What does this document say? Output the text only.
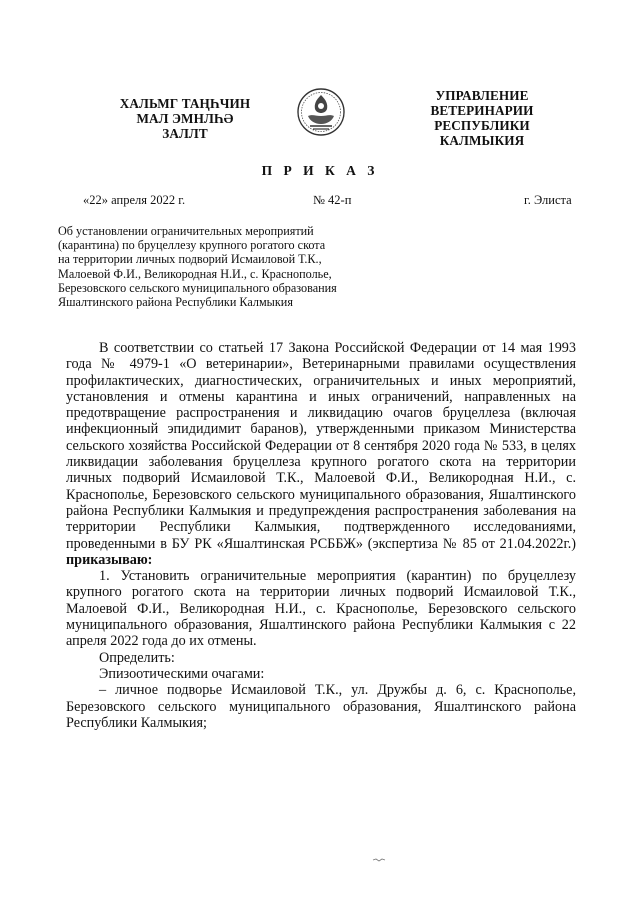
ХАЛЬМГ ТАҢҺЧИН
МАЛ ЭМНЛҺӘ
ЗАЛЛТ
УПРАВЛЕНИЕ
ВЕТЕРИНАРИИ
РЕСПУБЛИКИ КАЛМЫКИЯ
П Р И К А З
«22» апреля 2022 г.	№ 42-п	г. Элиста
Об установлении ограничительных мероприятий
(карантина) по бруцеллезу крупного рогатого скота
на территории личных подворий Исмаиловой Т.К.,
Малоевой Ф.И., Великородная Н.И., с. Краснополье,
Березовского сельского муниципального образования
Яшалтинского района Республики Калмыкия
В соответствии со статьей 17 Закона Российской Федерации от 14 мая 1993
года № 4979-1 «О ветеринарии», Ветеринарными правилами осуществления
профилактических, диагностических, ограничительных и иных мероприятий,
установления и отмены карантина и иных ограничений, направленных на
предотвращение распространения и ликвидацию очагов бруцеллеза (включая
инфекционный эпидидимит баранов), утвержденными приказом Министерства
сельского хозяйства Российской Федерации от 8 сентября 2020 года № 533, в целях
ликвидации заболевания бруцеллеза крупного рогатого скота на территории
личных подворий Исмаиловой Т.К., Малоевой Ф.И., Великородная Н.И., с.
Краснополье, Березовского сельского муниципального образования, Яшалтинского
района Республики Калмыкия и предупреждения распространения заболевания на
территории Республики Калмыкия, подтвержденного исследованиями,
проведенными в БУ РК «Яшалтинская РСББЖ» (экспертиза № 85 от 21.04.2022г.)
приказываю:
1. Установить ограничительные мероприятия (карантин) по бруцеллезу
крупного рогатого скота на территории личных подворий Исмаиловой Т.К.,
Малоевой Ф.И., Великородная Н.И., с. Краснополье, Березовского сельского
муниципального образования, Яшалтинского района Республики Калмыкия с 22
апреля 2022 года до их отмены.
Определить:
Эпизоотическими очагами:
– личное подворье Исмаиловой Т.К., ул. Дружбы д. 6, с. Краснополье,
Березовского сельского муниципального образования, Яшалтинского района
Республики Калмыкия;
